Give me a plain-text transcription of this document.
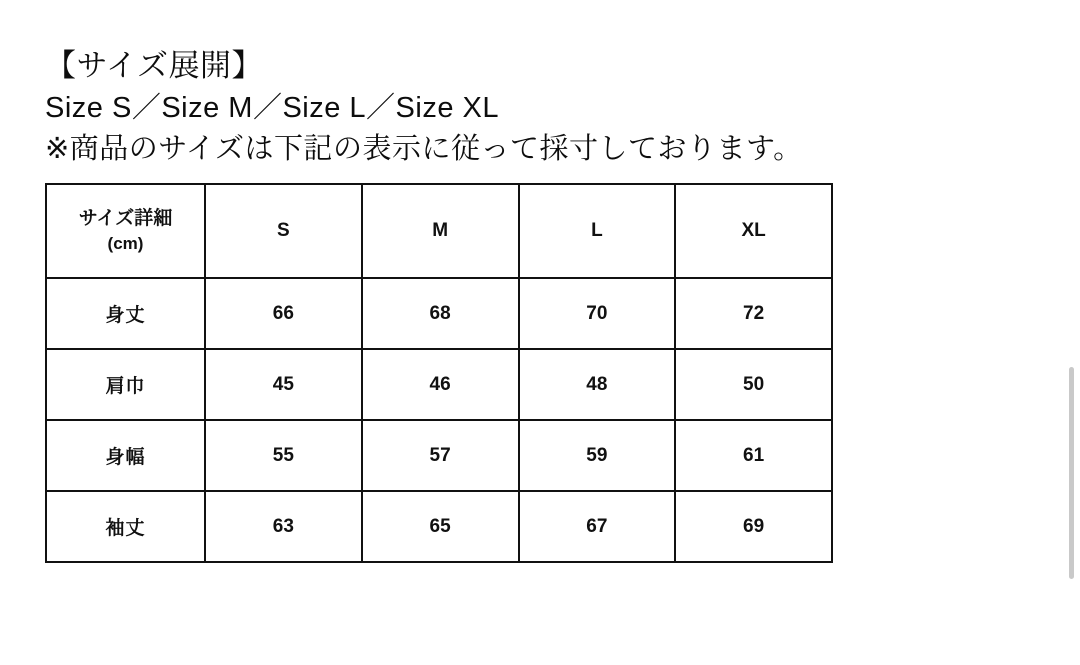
【サイズ展開】
Size S／Size M／Size L／Size XL
※商品のサイズは下記の表示に従って採寸しております。
サイズ詳細
(cm)	S	M	L	XL
身丈	66	68	70	72
肩巾	45	46	48	50
身幅	55	57	59	61
袖丈	63	65	67	69
